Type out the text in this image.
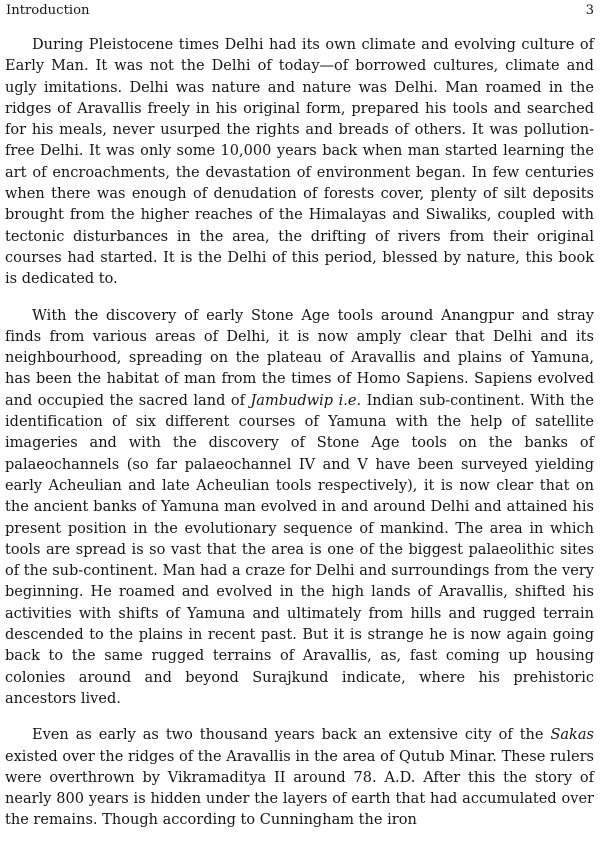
Introduction	3

During Pleistocene times Delhi had its own climate and evolving culture of Early Man. It was not the Delhi of today—of borrowed cultures, climate and ugly imitations. Delhi was nature and nature was Delhi. Man roamed in the ridges of Aravallis freely in his original form, prepared his tools and searched for his meals, never usurped the rights and breads of others. It was pollution-free Delhi. It was only some 10,000 years back when man started learning the art of encroachments, the devastation of environment began. In few centuries when there was enough of denudation of forests cover, plenty of silt deposits brought from the higher reaches of the Himalayas and Siwaliks, coupled with tectonic disturbances in the area, the drifting of rivers from their original courses had started. It is the Delhi of this period, blessed by nature, this book is dedicated to.

With the discovery of early Stone Age tools around Anangpur and stray finds from various areas of Delhi, it is now amply clear that Delhi and its neighbourhood, spreading on the plateau of Aravallis and plains of Yamuna, has been the habitat of man from the times of Homo Sapiens. Sapiens evolved and occupied the sacred land of Jambudwip i.e. Indian sub-continent. With the identification of six different courses of Yamuna with the help of satellite imageries and with the discovery of Stone Age tools on the banks of palaeochannels (so far palaeochannel IV and V have been surveyed yielding early Acheulian and late Acheulian tools respectively), it is now clear that on the ancient banks of Yamuna man evolved in and around Delhi and attained his present position in the evolutionary sequence of mankind. The area in which tools are spread is so vast that the area is one of the biggest palaeolithic sites of the sub-continent. Man had a craze for Delhi and surroundings from the very beginning. He roamed and evolved in the high lands of Aravallis, shifted his activities with shifts of Yamuna and ultimately from hills and rugged terrain descended to the plains in recent past. But it is strange he is now again going back to the same rugged terrains of Aravallis, as, fast coming up housing colonies around and beyond Surajkund indicate, where his prehistoric ancestors lived.

Even as early as two thousand years back an extensive city of the Sakas existed over the ridges of the Aravallis in the area of Qutub Minar. These rulers were overthrown by Vikramaditya II around 78. A.D. After this the story of nearly 800 years is hidden under the layers of earth that had accumulated over the remains. Though according to Cunningham the iron
